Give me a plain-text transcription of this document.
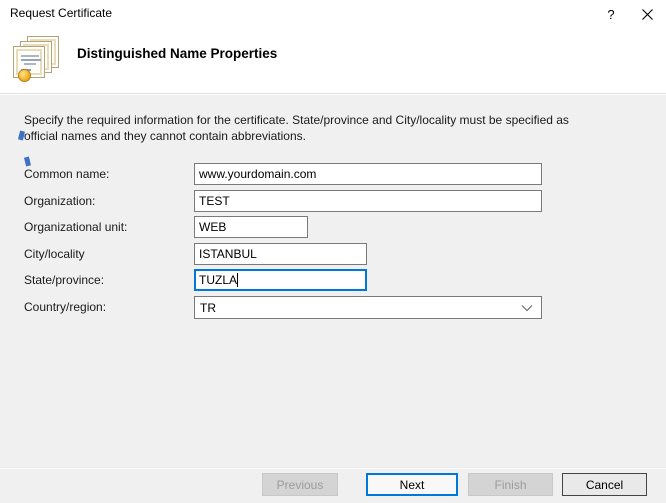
Distinguished Name Properties
Request Certificate	?
Specify the required information for the certificate. State/province and City/locality must be specified as official names and they cannot contain abbreviations.
Common name:
www.yourdomain.com
Organization:
TEST
Organizational unit:
WEB
City/locality
ISTANBUL
State/province:
TUZLA
Country/region:	TR
Previous	Next	Finish	Cancel
